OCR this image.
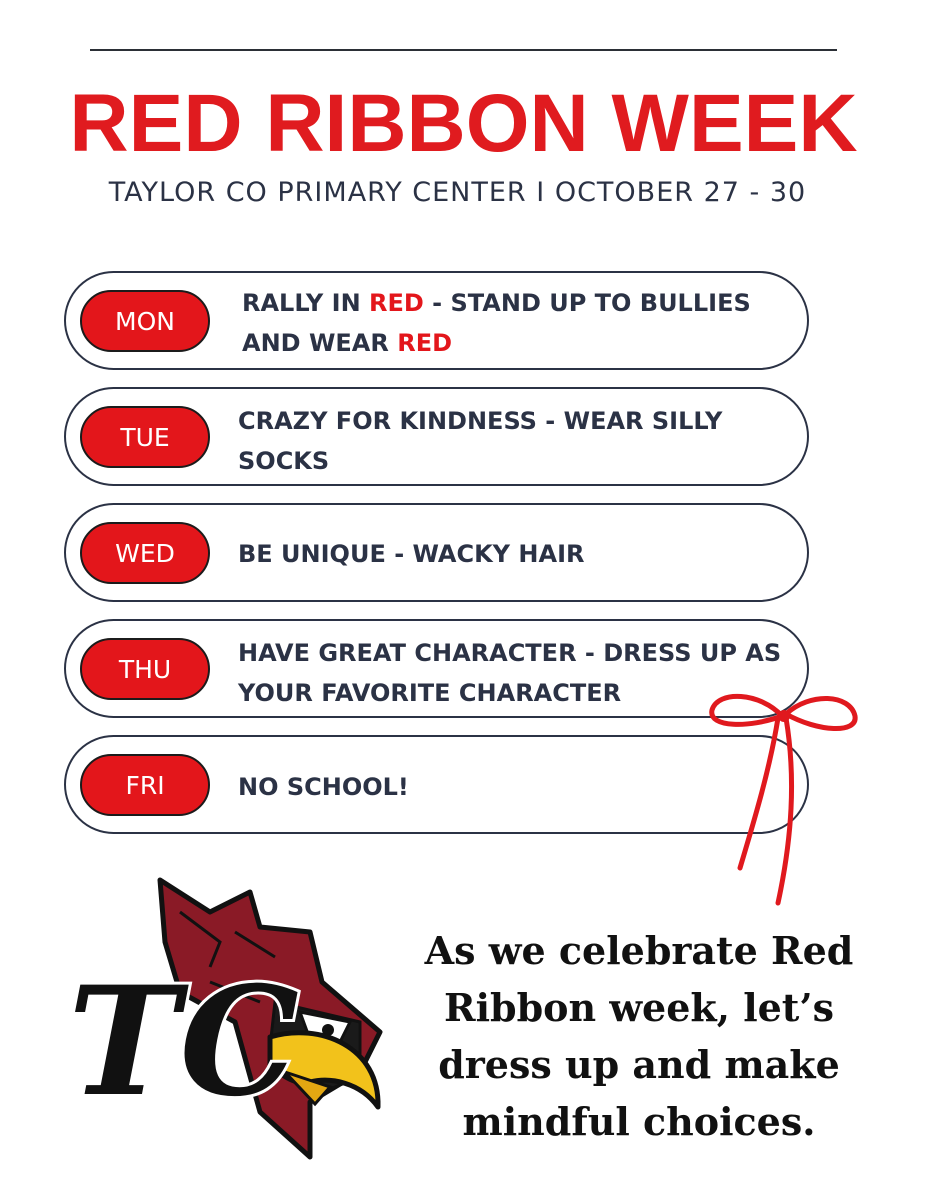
RED RIBBON WEEK
TAYLOR CO PRIMARY CENTER I OCTOBER 27 - 30
MON
RALLY IN RED - STAND UP TO BULLIES AND WEAR RED
TUE
CRAZY FOR KINDNESS - WEAR SILLY SOCKS
WED	BE UNIQUE - WACKY HAIR
THU
HAVE GREAT CHARACTER - DRESS UP AS YOUR FAVORITE CHARACTER
FRI	NO SCHOOL!
TC
As we celebrate Red Ribbon week, let’s dress up and make mindful choices.
